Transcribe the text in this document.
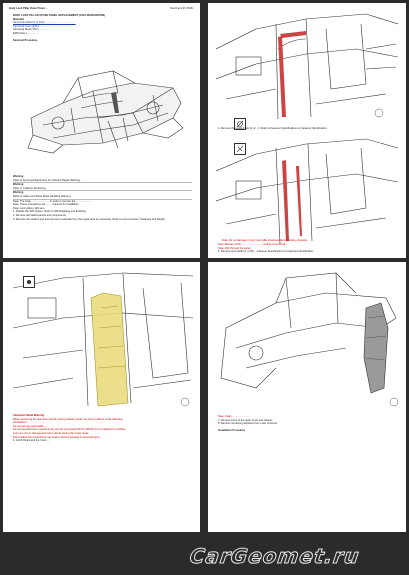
Body Lock Pillar Outer Panel ...	Document ID: 5138..
BODY LOCK PILLAR OUTER PANEL REPLACEMENT (COLLISION REPAIR)
Materials
Structural Adhesive (2 Part)...........................................
Structural Foam (ESU)...........................................
Structural Steel (TSU)...........
EMS Parts (................
Removal Procedure
Warning
Refer to Approved Equipment for Collision Repair Warning.
Warning
Refer to Collision Sectioning.
Warning
Refer to Glass and Sheet Metal Handling Warning.
Note: The body...........................in order to remove the......................
Note: These procedures are......... required for installation.
Note: Lock pillars, right are...
1. Disable the SIR system. Refer to SIR Disabling and Enabling.
2. Remove all related panels and components.
3. Remove the sealers and anti-corrosion materials from the repair area as necessary. Refer to Anti-Corrosion Treatment and Repair.
4. Remove the welded spot (1 of ...). Refer to Fastener Specifications or Fastener Identification.
Note: Do not damage or any inner pillar structures during cutting of panels.
Note: Beware of the...............................cutting of structural...
Note: Drill through the panel...
5. Remove spot welds (1 of 36) ...Fastener Specifications or Fastener Identification.
Aluminum Metal Warning
When sectioning the aluminum panels, during collision repair, be sure to adhere to the following
precautions:
Do not use any spot welds....
Do not heat aluminum panels at any and do not exceed 204°C (400°F) for it is required to reshape
only use care to damage aluminum pieces during the repair repair.
Fail to follow the precautions may lead to serious damage or personal injury.
6. Grind Rivets and the rivets ...
Note: Clean ........................
7. Remove burrs of the outer rivets and cleaner.
8. Remove remaining adhesive from outer structure.
Installation Procedure
CarGeomet.ru
